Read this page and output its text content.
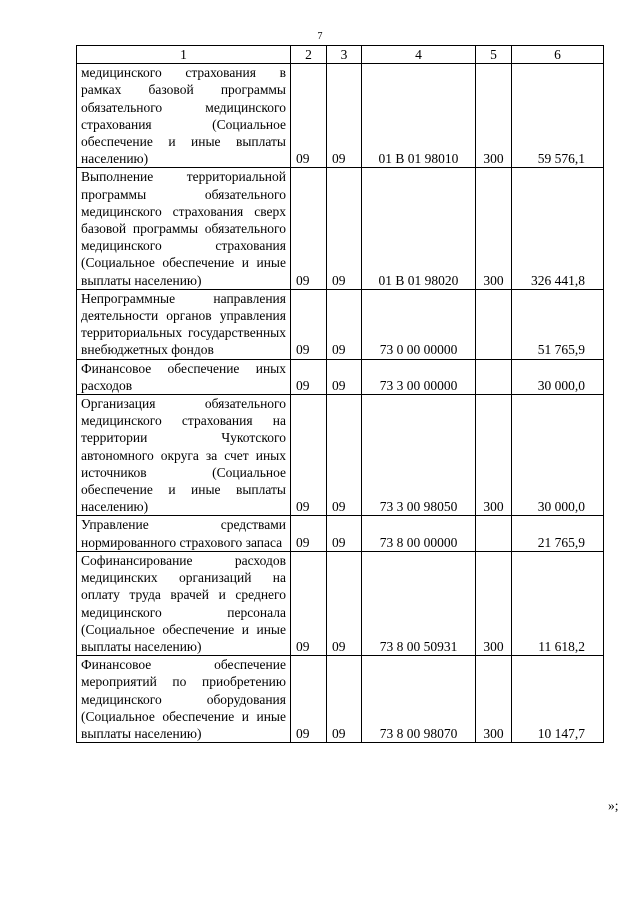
7
1	2	3	4	5	6
медицинского страхования в рамках базовой программы обязательного медицинского страхования (Социальное обеспечение и иные выплаты населению)	09	09	01 В 01 98010	300	59 576,1
Выполнение территориальной программы обязательного медицинского страхования сверх базовой программы обязательного медицинского страхования (Социальное обеспечение и иные выплаты населению)	09	09	01 В 01 98020	300	326 441,8
Непрограммные направления деятельности органов управления территориальных государственных внебюджетных фондов	09	09	73 0 00 00000		51 765,9
Финансовое обеспечение иных расходов	09	09	73 3 00 00000		30 000,0
Организация обязательного медицинского страхования на территории Чукотского автономного округа за счет иных источников (Социальное обеспечение и иные выплаты населению)	09	09	73 3 00 98050	300	30 000,0
Управление средствами нормированного страхового запаса	09	09	73 8 00 00000		21 765,9
Софинансирование расходов медицинских организаций на оплату труда врачей и среднего медицинского персонала (Социальное обеспечение и иные выплаты населению)	09	09	73 8 00 50931	300	11 618,2
Финансовое обеспечение мероприятий по приобретению медицинского оборудования (Социальное обеспечение и иные выплаты населению)	09	09	73 8 00 98070	300	10 147,7
»;
